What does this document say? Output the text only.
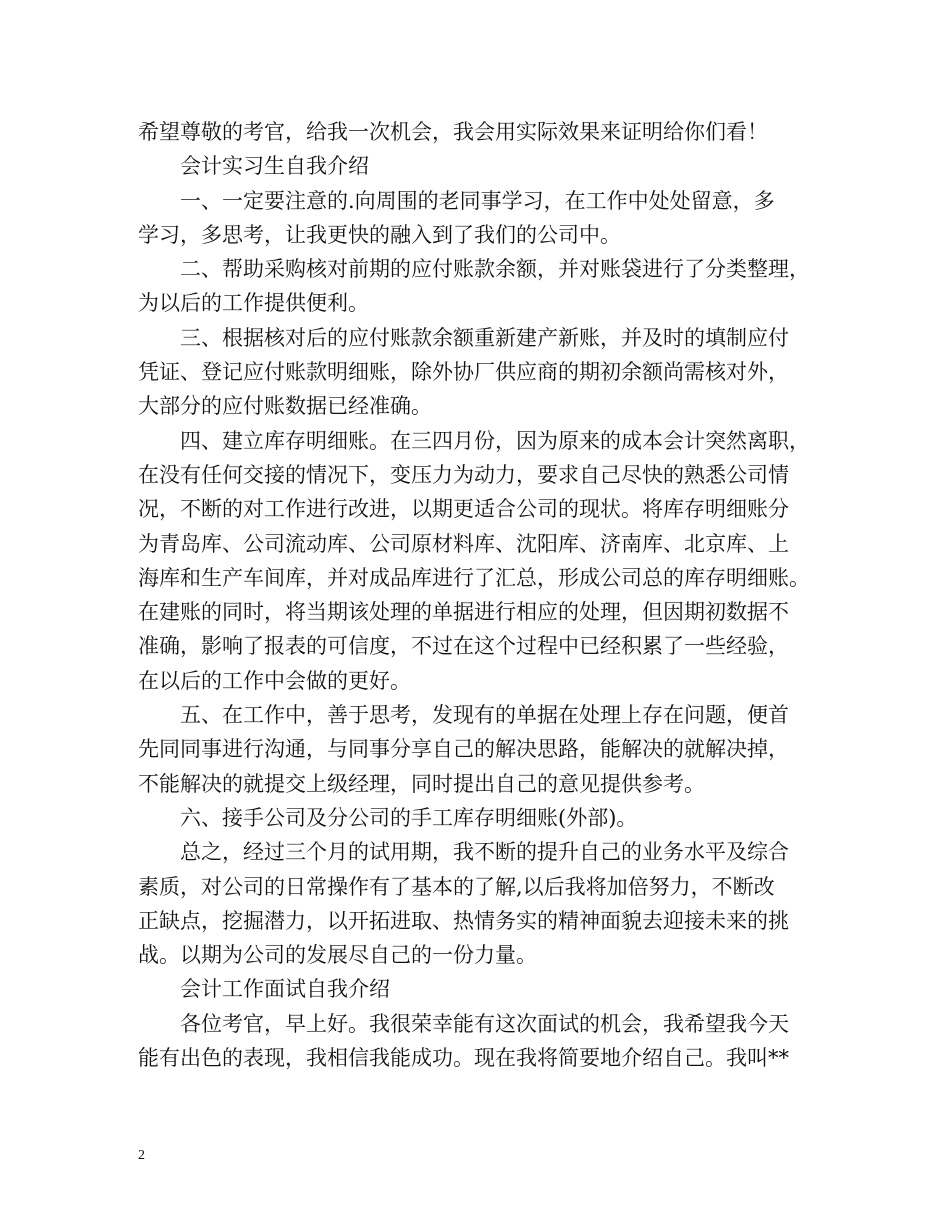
希望尊敬的考官，给我一次机会，我会用实际效果来证明给你们看！
会计实习生自我介绍
一、一定要注意的.向周围的老同事学习，在工作中处处留意，多
学习，多思考，让我更快的融入到了我们的公司中。
二、帮助采购核对前期的应付账款余额，并对账袋进行了分类整理，
为以后的工作提供便利。
三、根据核对后的应付账款余额重新建产新账，并及时的填制应付
凭证、登记应付账款明细账，除外协厂供应商的期初余额尚需核对外，
大部分的应付账数据已经准确。
四、建立库存明细账。在三四月份，因为原来的成本会计突然离职，
在没有任何交接的情况下，变压力为动力，要求自己尽快的熟悉公司情
况，不断的对工作进行改进，以期更适合公司的现状。将库存明细账分
为青岛库、公司流动库、公司原材料库、沈阳库、济南库、北京库、上
海库和生产车间库，并对成品库进行了汇总，形成公司总的库存明细账。
在建账的同时，将当期该处理的单据进行相应的处理，但因期初数据不
准确，影响了报表的可信度，不过在这个过程中已经积累了一些经验，
在以后的工作中会做的更好。
五、在工作中，善于思考，发现有的单据在处理上存在问题，便首
先同同事进行沟通，与同事分享自己的解决思路，能解决的就解决掉，
不能解决的就提交上级经理，同时提出自己的意见提供参考。
六、接手公司及分公司的手工库存明细账(外部)。
总之，经过三个月的试用期，我不断的提升自己的业务水平及综合
素质，对公司的日常操作有了基本的了解,以后我将加倍努力，不断改
正缺点，挖掘潜力，以开拓进取、热情务实的精神面貌去迎接未来的挑
战。以期为公司的发展尽自己的一份力量。
会计工作面试自我介绍
各位考官，早上好。我很荣幸能有这次面试的机会，我希望我今天
能有出色的表现，我相信我能成功。现在我将简要地介绍自己。我叫**
2
